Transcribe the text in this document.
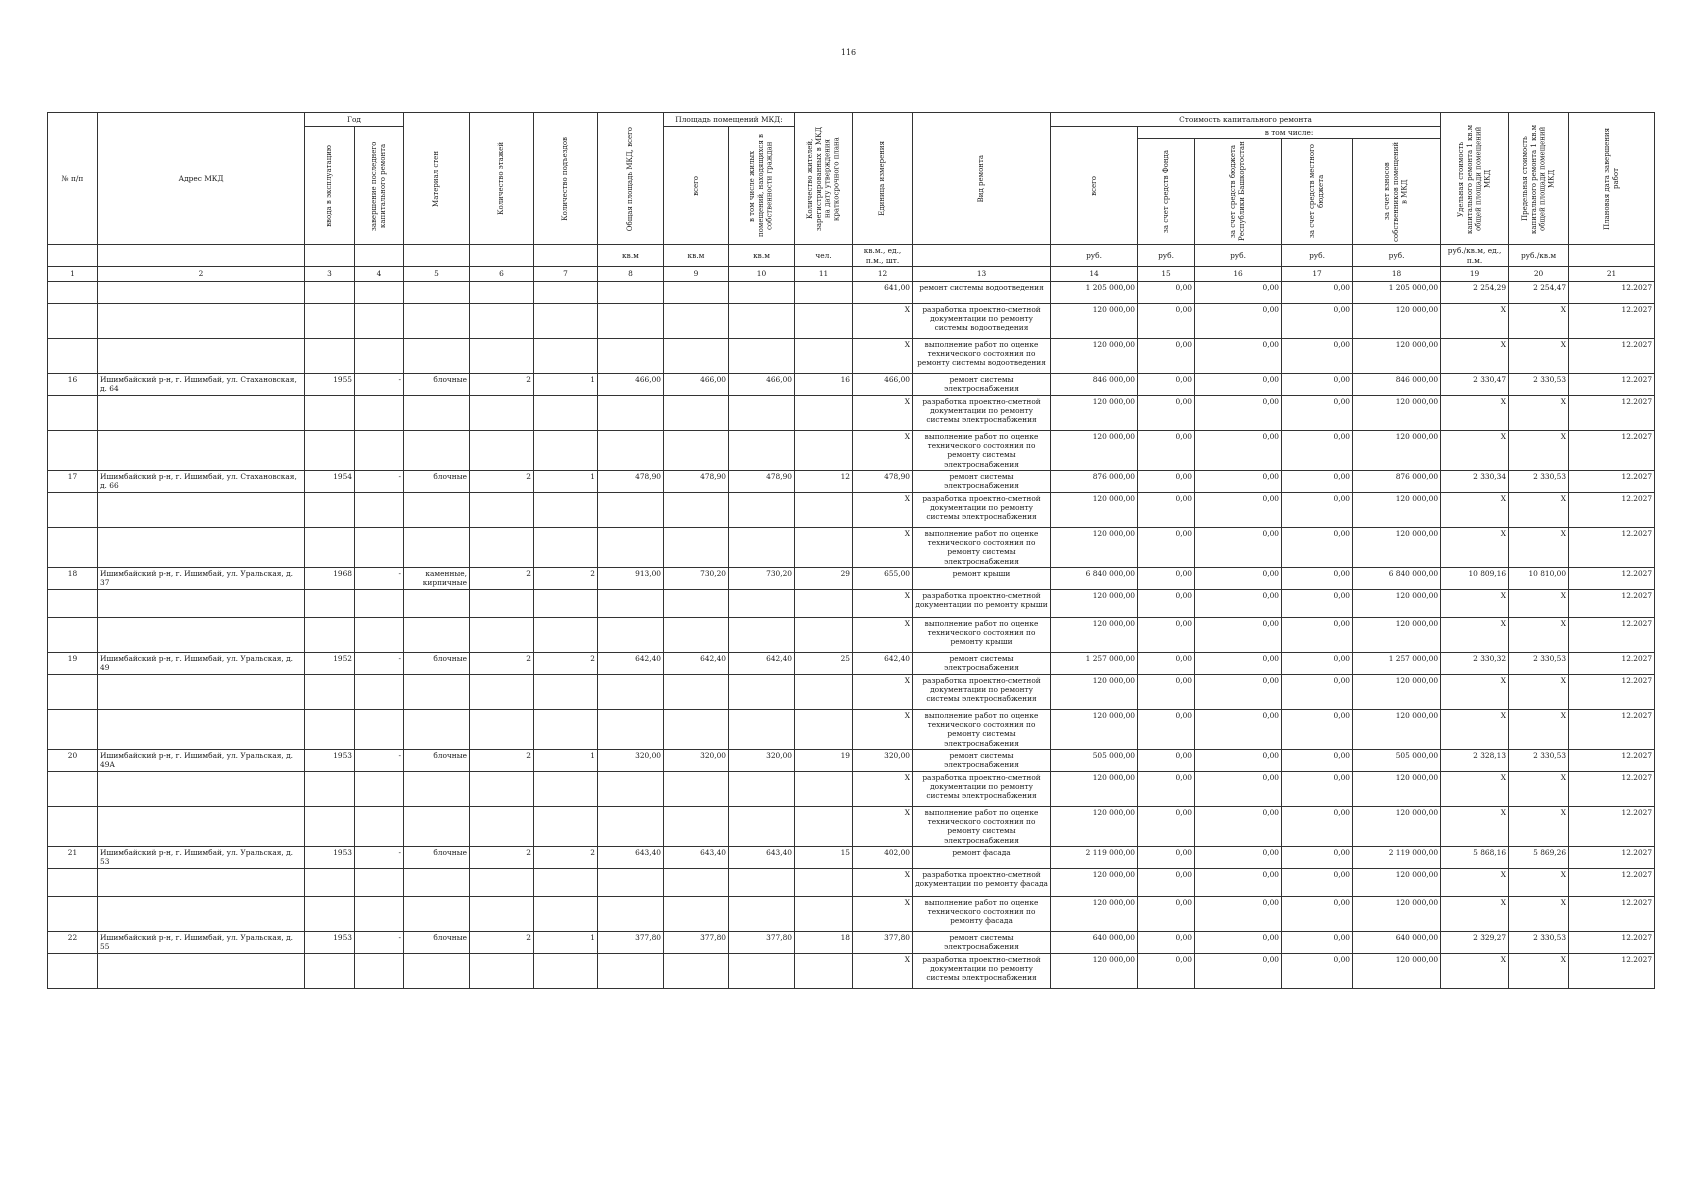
116
№ п/п	Адрес МКД	Год		Материал стен	Количество этажей	Количество подъездов	Общая площадь МКД, всего	Площадь помещений МКД:		Количество жителей, зарегистрированных в МКД на дату утверждения краткосрочного плана	Единица измерения	Вид ремонта	Стоимость капитального ремонта					Удельная стоимость капитального ремонта 1 кв.м общей площади помещений МКД	Предельная стоимость капитального ремонта 1 кв.м общей площади помещений МКД	Плановая дата завершения работ

		ввода в эксплуатацию	завершение последнего капитального ремонта					всего	в том числе жилых помещений, находящихся в собственности граждан				всего	в том числе:						

														за счет средств Фонда	за счет средств бюджета Республики Башкортостан	за счет средств местного бюджета	за счет взносов собственников помещений в МКД			

							кв.м	кв.м	кв.м	чел.	кв.м., ед., п.м., шт.		руб.	руб.	руб.	руб.	руб.	руб./кв.м, ед., п.м.	руб./кв.м	
1	2	3	4	5	6	7	8	9	10	11	12	13	14	15	16	17	18	19	20	21
											641,00	ремонт системы водоотведения	1 205 000,00	0,00	0,00	0,00	1 205 000,00	2 254,29	2 254,47	12.2027
											X	разработка проектно-сметной документации по ремонту системы водоотведения	120 000,00	0,00	0,00	0,00	120 000,00	X	X	12.2027
											X	выполнение работ по оценке технического состояния по ремонту системы водоотведения	120 000,00	0,00	0,00	0,00	120 000,00	X	X	12.2027
16	Ишимбайский р-н, г. Ишимбай, ул. Стахановская, д. 64	1955	-	блочные	2	1	466,00	466,00	466,00	16	466,00	ремонт системы электроснабжения	846 000,00	0,00	0,00	0,00	846 000,00	2 330,47	2 330,53	12.2027
											X	разработка проектно-сметной документации по ремонту системы электроснабжения	120 000,00	0,00	0,00	0,00	120 000,00	X	X	12.2027
											X	выполнение работ по оценке технического состояния по ремонту системы электроснабжения	120 000,00	0,00	0,00	0,00	120 000,00	X	X	12.2027
17	Ишимбайский р-н, г. Ишимбай, ул. Стахановская, д. 66	1954	-	блочные	2	1	478,90	478,90	478,90	12	478,90	ремонт системы электроснабжения	876 000,00	0,00	0,00	0,00	876 000,00	2 330,34	2 330,53	12.2027
											X	разработка проектно-сметной документации по ремонту системы электроснабжения	120 000,00	0,00	0,00	0,00	120 000,00	X	X	12.2027
											X	выполнение работ по оценке технического состояния по ремонту системы электроснабжения	120 000,00	0,00	0,00	0,00	120 000,00	X	X	12.2027
18	Ишимбайский р-н, г. Ишимбай, ул. Уральская, д. 37	1968	-	каменные, кирпичные	2	2	913,00	730,20	730,20	29	655,00	ремонт крыши	6 840 000,00	0,00	0,00	0,00	6 840 000,00	10 809,16	10 810,00	12.2027
											X	разработка проектно-сметной документации по ремонту крыши	120 000,00	0,00	0,00	0,00	120 000,00	X	X	12.2027
											X	выполнение работ по оценке технического состояния по ремонту крыши	120 000,00	0,00	0,00	0,00	120 000,00	X	X	12.2027
19	Ишимбайский р-н, г. Ишимбай, ул. Уральская, д. 49	1952	-	блочные	2	2	642,40	642,40	642,40	25	642,40	ремонт системы электроснабжения	1 257 000,00	0,00	0,00	0,00	1 257 000,00	2 330,32	2 330,53	12.2027
											X	разработка проектно-сметной документации по ремонту системы электроснабжения	120 000,00	0,00	0,00	0,00	120 000,00	X	X	12.2027
											X	выполнение работ по оценке технического состояния по ремонту системы электроснабжения	120 000,00	0,00	0,00	0,00	120 000,00	X	X	12.2027
20	Ишимбайский р-н, г. Ишимбай, ул. Уральская, д. 49А	1953	-	блочные	2	1	320,00	320,00	320,00	19	320,00	ремонт системы электроснабжения	505 000,00	0,00	0,00	0,00	505 000,00	2 328,13	2 330,53	12.2027
											X	разработка проектно-сметной документации по ремонту системы электроснабжения	120 000,00	0,00	0,00	0,00	120 000,00	X	X	12.2027
											X	выполнение работ по оценке технического состояния по ремонту системы электроснабжения	120 000,00	0,00	0,00	0,00	120 000,00	X	X	12.2027
21	Ишимбайский р-н, г. Ишимбай, ул. Уральская, д. 53	1953	-	блочные	2	2	643,40	643,40	643,40	15	402,00	ремонт фасада	2 119 000,00	0,00	0,00	0,00	2 119 000,00	5 868,16	5 869,26	12.2027
											X	разработка проектно-сметной документации по ремонту фасада	120 000,00	0,00	0,00	0,00	120 000,00	X	X	12.2027
											X	выполнение работ по оценке технического состояния по ремонту фасада	120 000,00	0,00	0,00	0,00	120 000,00	X	X	12.2027
22	Ишимбайский р-н, г. Ишимбай, ул. Уральская, д. 55	1953	-	блочные	2	1	377,80	377,80	377,80	18	377,80	ремонт системы электроснабжения	640 000,00	0,00	0,00	0,00	640 000,00	2 329,27	2 330,53	12.2027
											X	разработка проектно-сметной документации по ремонту системы электроснабжения	120 000,00	0,00	0,00	0,00	120 000,00	X	X	12.2027
